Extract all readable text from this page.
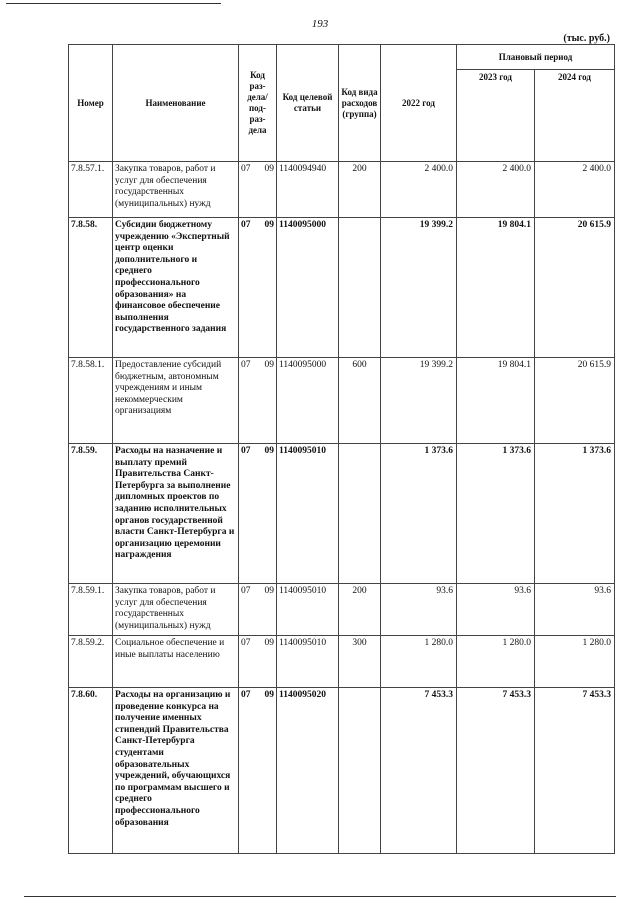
193
(тыс. руб.)
Номер	Наименование	Код раз-дела/ под-раз-дела	Код целевой статьи	Код вида расходов (группа)	2022 год	Плановый период	
						2023 год	2024 год
7.8.57.1.	Закупка товаров, работ и услуг для обеспечения государственных (муниципальных) нужд	07 09	1140094940	200	2 400.0	2 400.0	2 400.0
7.8.58.	Субсидии бюджетному учреждению «Экспертный центр оценки дополнительного и среднего профессионального образования» на финансовое обеспечение выполнения государственного задания	07 09	1140095000		19 399.2	19 804.1	20 615.9
7.8.58.1.	Предоставление субсидий бюджетным, автономным учреждениям и иным некоммерческим организациям	07 09	1140095000	600	19 399.2	19 804.1	20 615.9
7.8.59.	Расходы на назначение и выплату премий Правительства Санкт-Петербурга за выполнение дипломных проектов по заданию исполнительных органов государственной власти Санкт-Петербурга и организацию церемонии награждения	07 09	1140095010		1 373.6	1 373.6	1 373.6
7.8.59.1.	Закупка товаров, работ и услуг для обеспечения государственных (муниципальных) нужд	07 09	1140095010	200	93.6	93.6	93.6
7.8.59.2.	Социальное обеспечение и иные выплаты населению	07 09	1140095010	300	1 280.0	1 280.0	1 280.0
7.8.60.	Расходы на организацию и проведение конкурса на получение именных стипендий Правительства Санкт-Петербурга студентами образовательных учреждений, обучающихся по программам высшего и среднего профессионального образования	07 09	1140095020		7 453.3	7 453.3	7 453.3
